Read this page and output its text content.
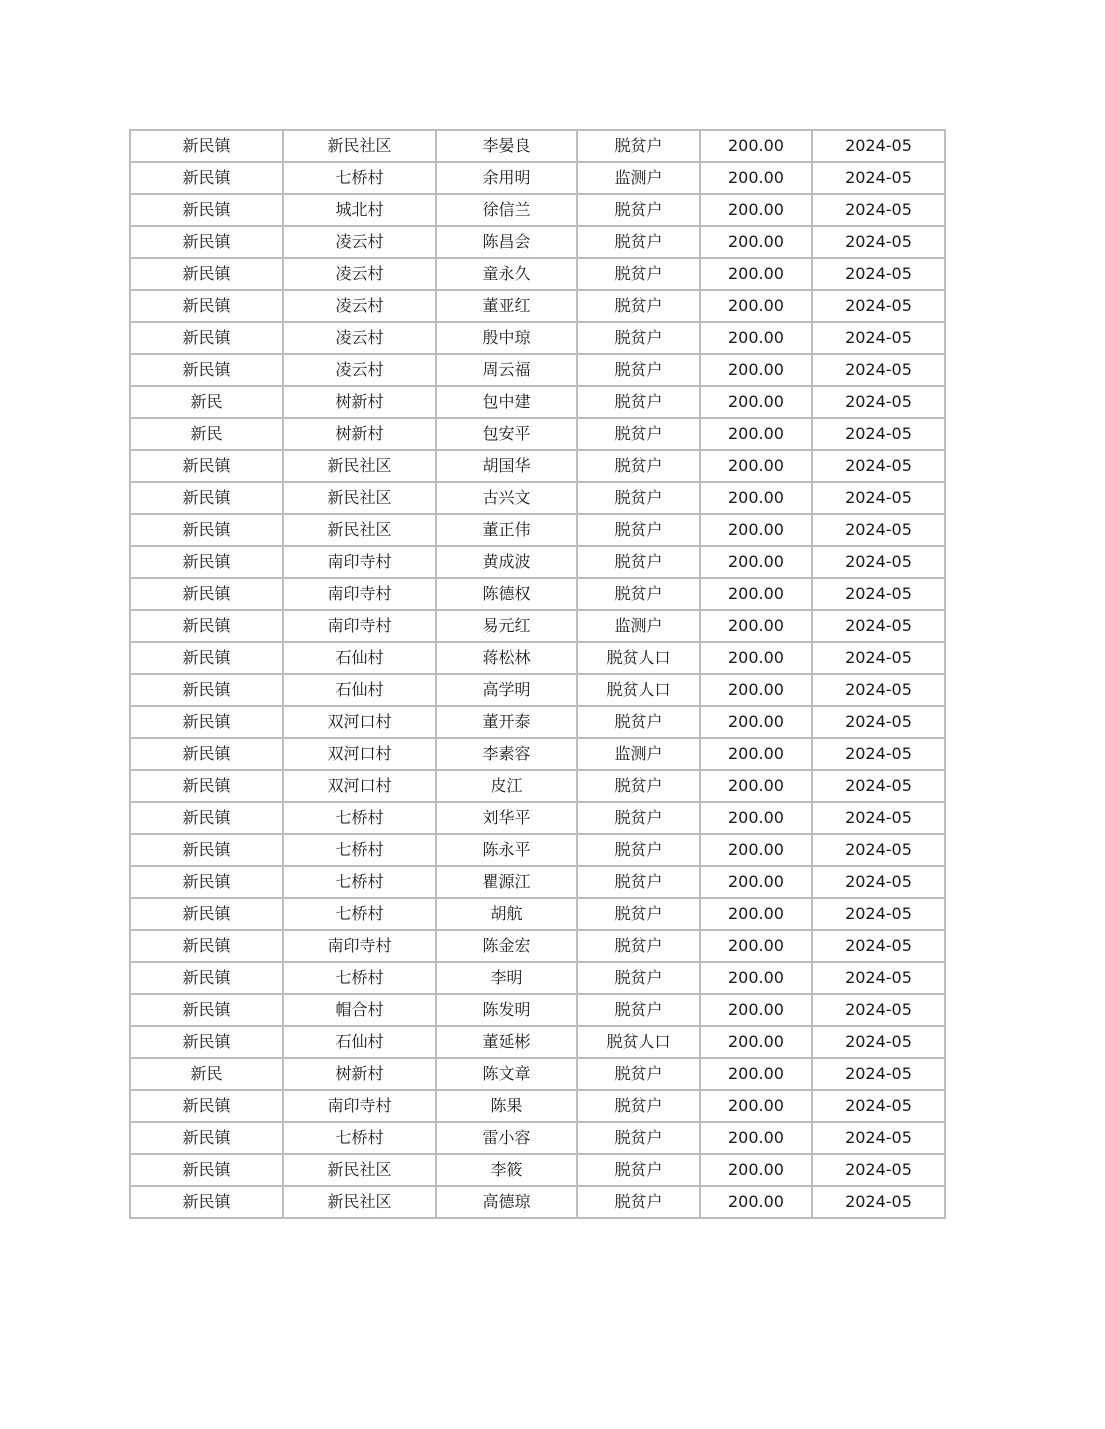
新民镇	新民社区	李晏良	脱贫户	200.00	2024-05
新民镇	七桥村	余用明	监测户	200.00	2024-05
新民镇	城北村	徐信兰	脱贫户	200.00	2024-05
新民镇	凌云村	陈昌会	脱贫户	200.00	2024-05
新民镇	凌云村	童永久	脱贫户	200.00	2024-05
新民镇	凌云村	董亚红	脱贫户	200.00	2024-05
新民镇	凌云村	殷中琼	脱贫户	200.00	2024-05
新民镇	凌云村	周云福	脱贫户	200.00	2024-05
新民	树新村	包中建	脱贫户	200.00	2024-05
新民	树新村	包安平	脱贫户	200.00	2024-05
新民镇	新民社区	胡国华	脱贫户	200.00	2024-05
新民镇	新民社区	古兴文	脱贫户	200.00	2024-05
新民镇	新民社区	董正伟	脱贫户	200.00	2024-05
新民镇	南印寺村	黄成波	脱贫户	200.00	2024-05
新民镇	南印寺村	陈德权	脱贫户	200.00	2024-05
新民镇	南印寺村	易元红	监测户	200.00	2024-05
新民镇	石仙村	蒋松林	脱贫人口	200.00	2024-05
新民镇	石仙村	高学明	脱贫人口	200.00	2024-05
新民镇	双河口村	董开泰	脱贫户	200.00	2024-05
新民镇	双河口村	李素容	监测户	200.00	2024-05
新民镇	双河口村	皮江	脱贫户	200.00	2024-05
新民镇	七桥村	刘华平	脱贫户	200.00	2024-05
新民镇	七桥村	陈永平	脱贫户	200.00	2024-05
新民镇	七桥村	瞿源江	脱贫户	200.00	2024-05
新民镇	七桥村	胡航	脱贫户	200.00	2024-05
新民镇	南印寺村	陈金宏	脱贫户	200.00	2024-05
新民镇	七桥村	李明	脱贫户	200.00	2024-05
新民镇	帽合村	陈发明	脱贫户	200.00	2024-05
新民镇	石仙村	董延彬	脱贫人口	200.00	2024-05
新民	树新村	陈文章	脱贫户	200.00	2024-05
新民镇	南印寺村	陈果	脱贫户	200.00	2024-05
新民镇	七桥村	雷小容	脱贫户	200.00	2024-05
新民镇	新民社区	李筱	脱贫户	200.00	2024-05
新民镇	新民社区	高德琼	脱贫户	200.00	2024-05
